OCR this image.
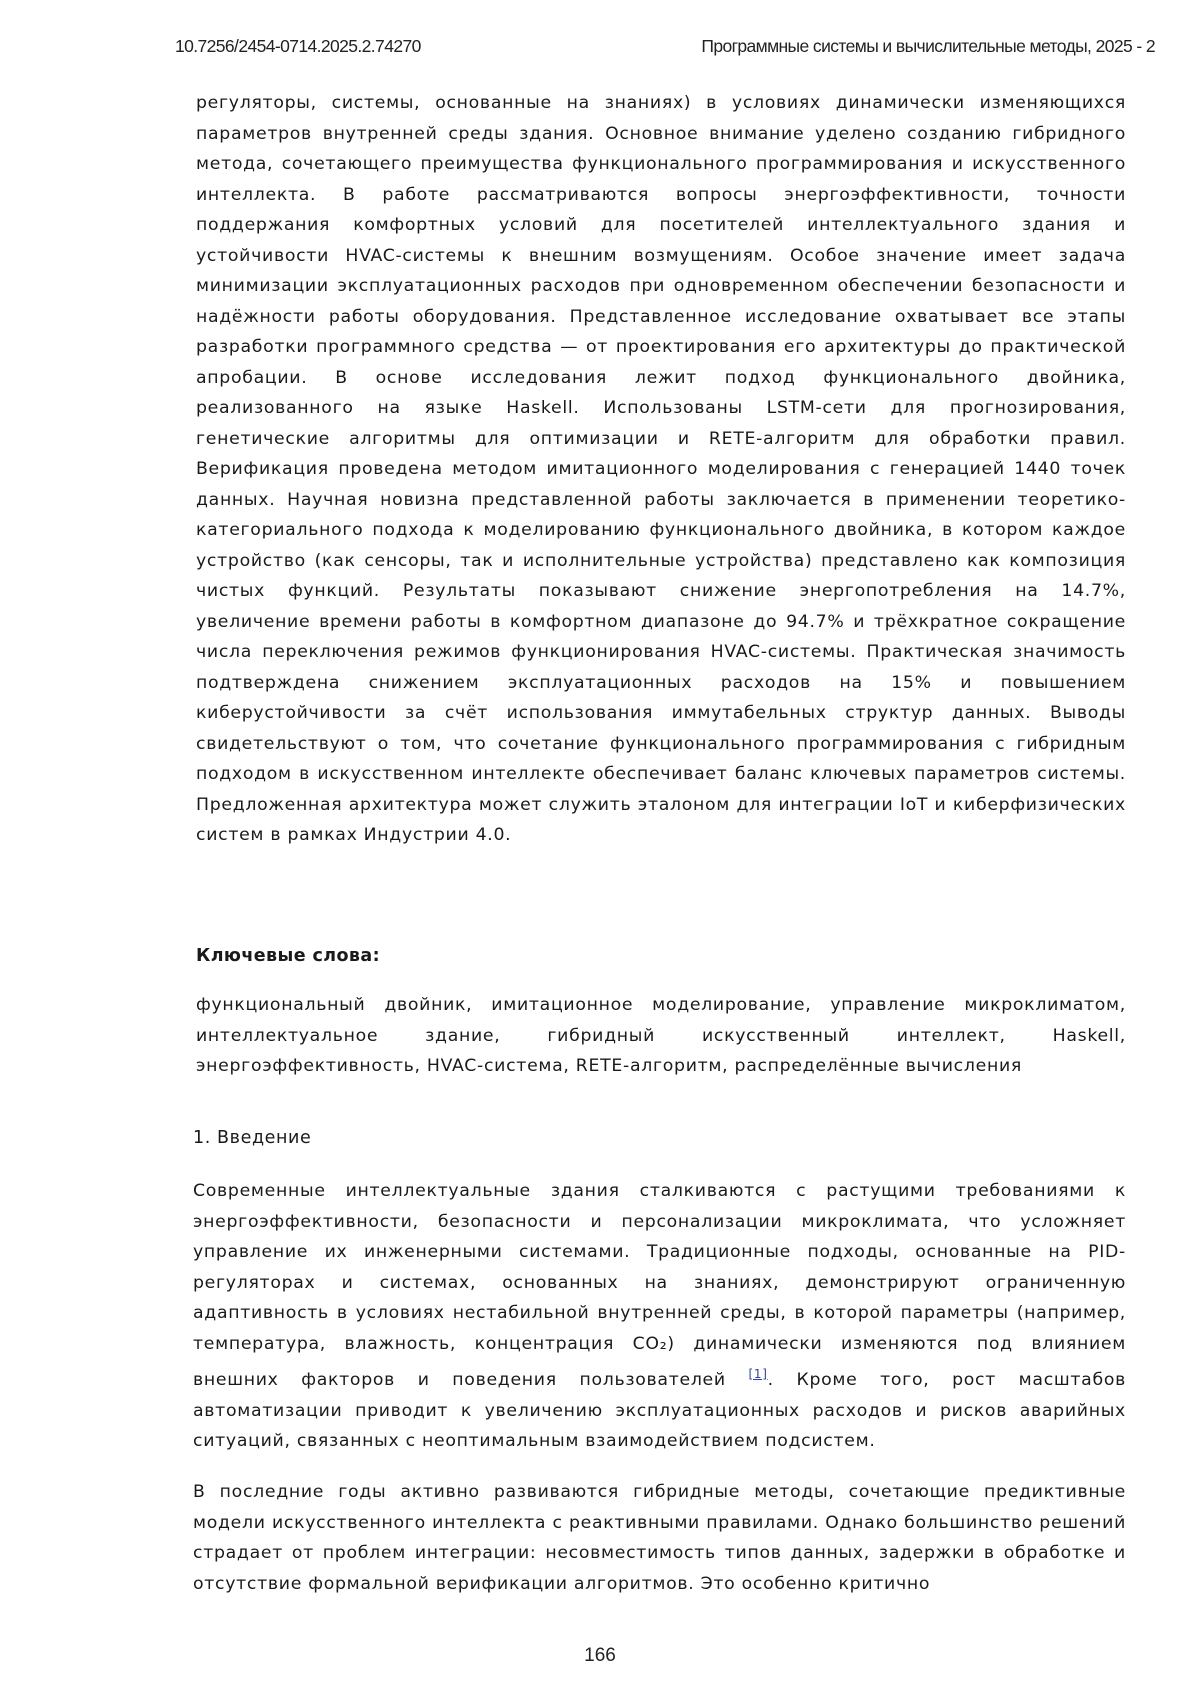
10.7256/2454-0714.2025.2.74270	Программные системы и вычислительные методы, 2025 - 2

регуляторы, системы, основанные на знаниях) в условиях динамически изменяющихся параметров внутренней среды здания. Основное внимание уделено созданию гибридного метода, сочетающего преимущества функционального программирования и искусственного интеллекта. В работе рассматриваются вопросы энергоэффективности, точности поддержания комфортных условий для посетителей интеллектуального здания и устойчивости HVAC-системы к внешним возмущениям. Особое значение имеет задача минимизации эксплуатационных расходов при одновременном обеспечении безопасности и надёжности работы оборудования. Представленное исследование охватывает все этапы разработки программного средства — от проектирования его архитектуры до практической апробации. В основе исследования лежит подход функционального двойника, реализованного на языке Haskell. Использованы LSTM-сети для прогнозирования, генетические алгоритмы для оптимизации и RETE-алгоритм для обработки правил. Верификация проведена методом имитационного моделирования с генерацией 1440 точек данных. Научная новизна представленной работы заключается в применении теоретико-категориального подхода к моделированию функционального двойника, в котором каждое устройство (как сенсоры, так и исполнительные устройства) представлено как композиция чистых функций. Результаты показывают снижение энергопотребления на 14.7%, увеличение времени работы в комфортном диапазоне до 94.7% и трёхкратное сокращение числа переключения режимов функционирования HVAC-системы. Практическая значимость подтверждена снижением эксплуатационных расходов на 15% и повышением киберустойчивости за счёт использования иммутабельных структур данных. Выводы свидетельствуют о том, что сочетание функционального программирования с гибридным подходом в искусственном интеллекте обеспечивает баланс ключевых параметров системы. Предложенная архитектура может служить эталоном для интеграции IoT и киберфизических систем в рамках Индустрии 4.0.

Ключевые слова:

функциональный двойник, имитационное моделирование, управление микроклиматом, интеллектуальное здание, гибридный искусственный интеллект, Haskell, энергоэффективность, HVAC-система, RETE-алгоритм, распределённые вычисления

1. Введение

Современные интеллектуальные здания сталкиваются с растущими требованиями к энергоэффективности, безопасности и персонализации микроклимата, что усложняет управление их инженерными системами. Традиционные подходы, основанные на PID-регуляторах и системах, основанных на знаниях, демонстрируют ограниченную адаптивность в условиях нестабильной внутренней среды, в которой параметры (например, температура, влажность, концентрация CO₂) динамически изменяются под влиянием внешних факторов и поведения пользователей [1]. Кроме того, рост масштабов автоматизации приводит к увеличению эксплуатационных расходов и рисков аварийных ситуаций, связанных с неоптимальным взаимодействием подсистем.

В последние годы активно развиваются гибридные методы, сочетающие предиктивные модели искусственного интеллекта с реактивными правилами. Однако большинство решений страдает от проблем интеграции: несовместимость типов данных, задержки в обработке и отсутствие формальной верификации алгоритмов. Это особенно критично

166
